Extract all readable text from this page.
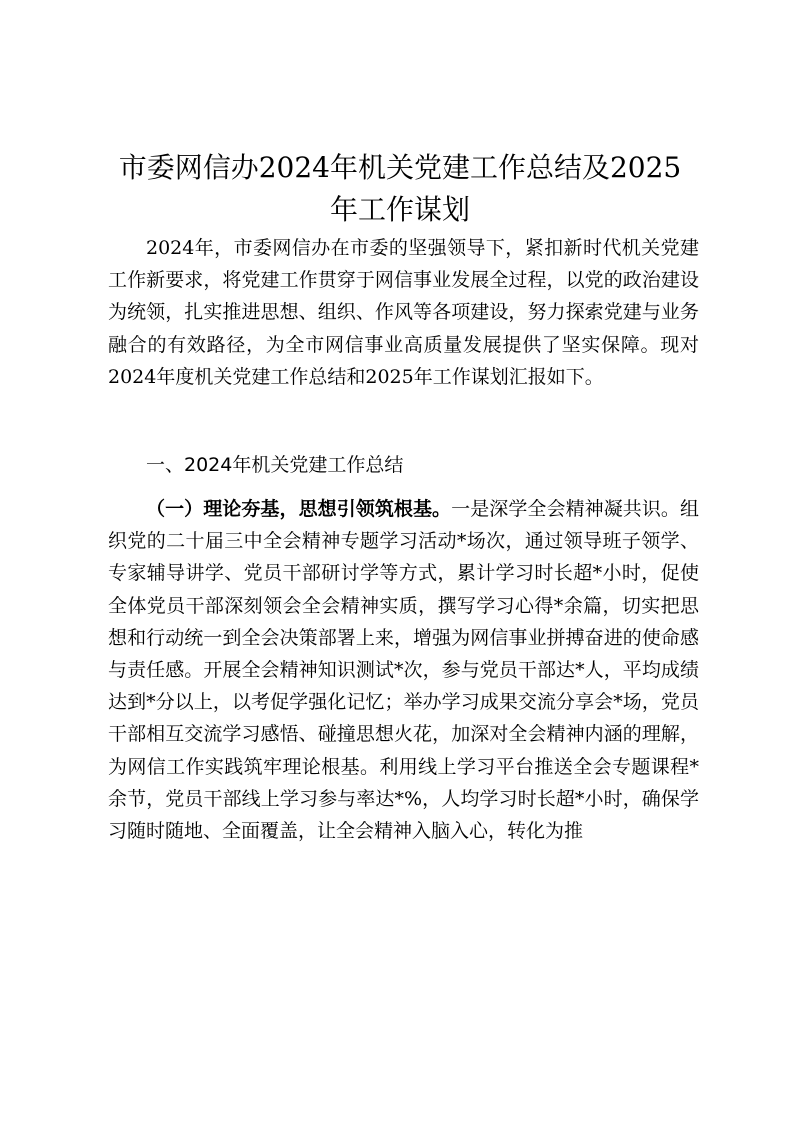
市委网信办2024年机关党建工作总结及2025
年工作谋划

2024年，市委网信办在市委的坚强领导下，紧扣新时代机关党建工作新要求，将党建工作贯穿于网信事业发展全过程，以党的政治建设为统领，扎实推进思想、组织、作风等各项建设，努力探索党建与业务融合的有效路径，为全市网信事业高质量发展提供了坚实保障。现对2024年度机关党建工作总结和2025年工作谋划汇报如下。

一、2024年机关党建工作总结

（一）理论夯基，思想引领筑根基。一是深学全会精神凝共识。组织党的二十届三中全会精神专题学习活动*场次，通过领导班子领学、专家辅导讲学、党员干部研讨学等方式，累计学习时长超*小时，促使全体党员干部深刻领会全会精神实质，撰写学习心得*余篇，切实把思想和行动统一到全会决策部署上来，增强为网信事业拼搏奋进的使命感与责任感。开展全会精神知识测试*次，参与党员干部达*人，平均成绩达到*分以上，以考促学强化记忆；举办学习成果交流分享会*场，党员干部相互交流学习感悟、碰撞思想火花，加深对全会精神内涵的理解，为网信工作实践筑牢理论根基。利用线上学习平台推送全会专题课程*余节，党员干部线上学习参与率达*%，人均学习时长超*小时，确保学习随时随地、全面覆盖，让全会精神入脑入心，转化为推
